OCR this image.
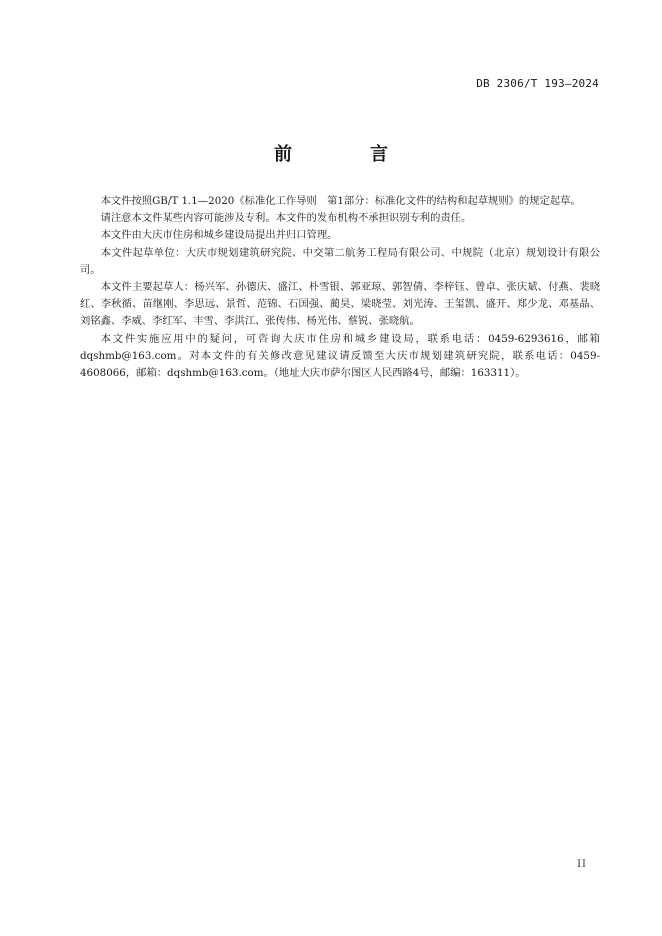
DB 2306/T 193—2024
前　言

本文件按照GB/T 1.1—2020《标准化工作导则　第1部分：标准化文件的结构和起草规则》的规定起草。

请注意本文件某些内容可能涉及专利。本文件的发布机构不承担识别专利的责任。

本文件由大庆市住房和城乡建设局提出并归口管理。

本文件起草单位：大庆市规划建筑研究院、中交第二航务工程局有限公司、中规院（北京）规划设计有限公司。

本文件主要起草人：杨兴军、孙德庆、盛江、朴雪银、郭亚琼、郭智倩、李梓钰、曾卓、张庆斌、付燕、裴晓红、李秋循、苗继刚、李思远、景哲、范锦、石国强、蔺昊、梁晓莹、刘光涛、王玺凯、盛开、郑少龙、邓基晶、刘铭鑫、李威、李红军、丰雪、李洪江、张传伟、杨光伟、蔡锐、张晓航。

本文件实施应用中的疑问，可咨询大庆市住房和城乡建设局，联系电话：0459-6293616，邮箱dqshmb@163.com。对本文件的有关修改意见建议请反馈至大庆市规划建筑研究院，联系电话：0459-4608066，邮箱：dqshmb@163.com。（地址大庆市萨尔图区人民西路4号，邮编：163311）。

II
